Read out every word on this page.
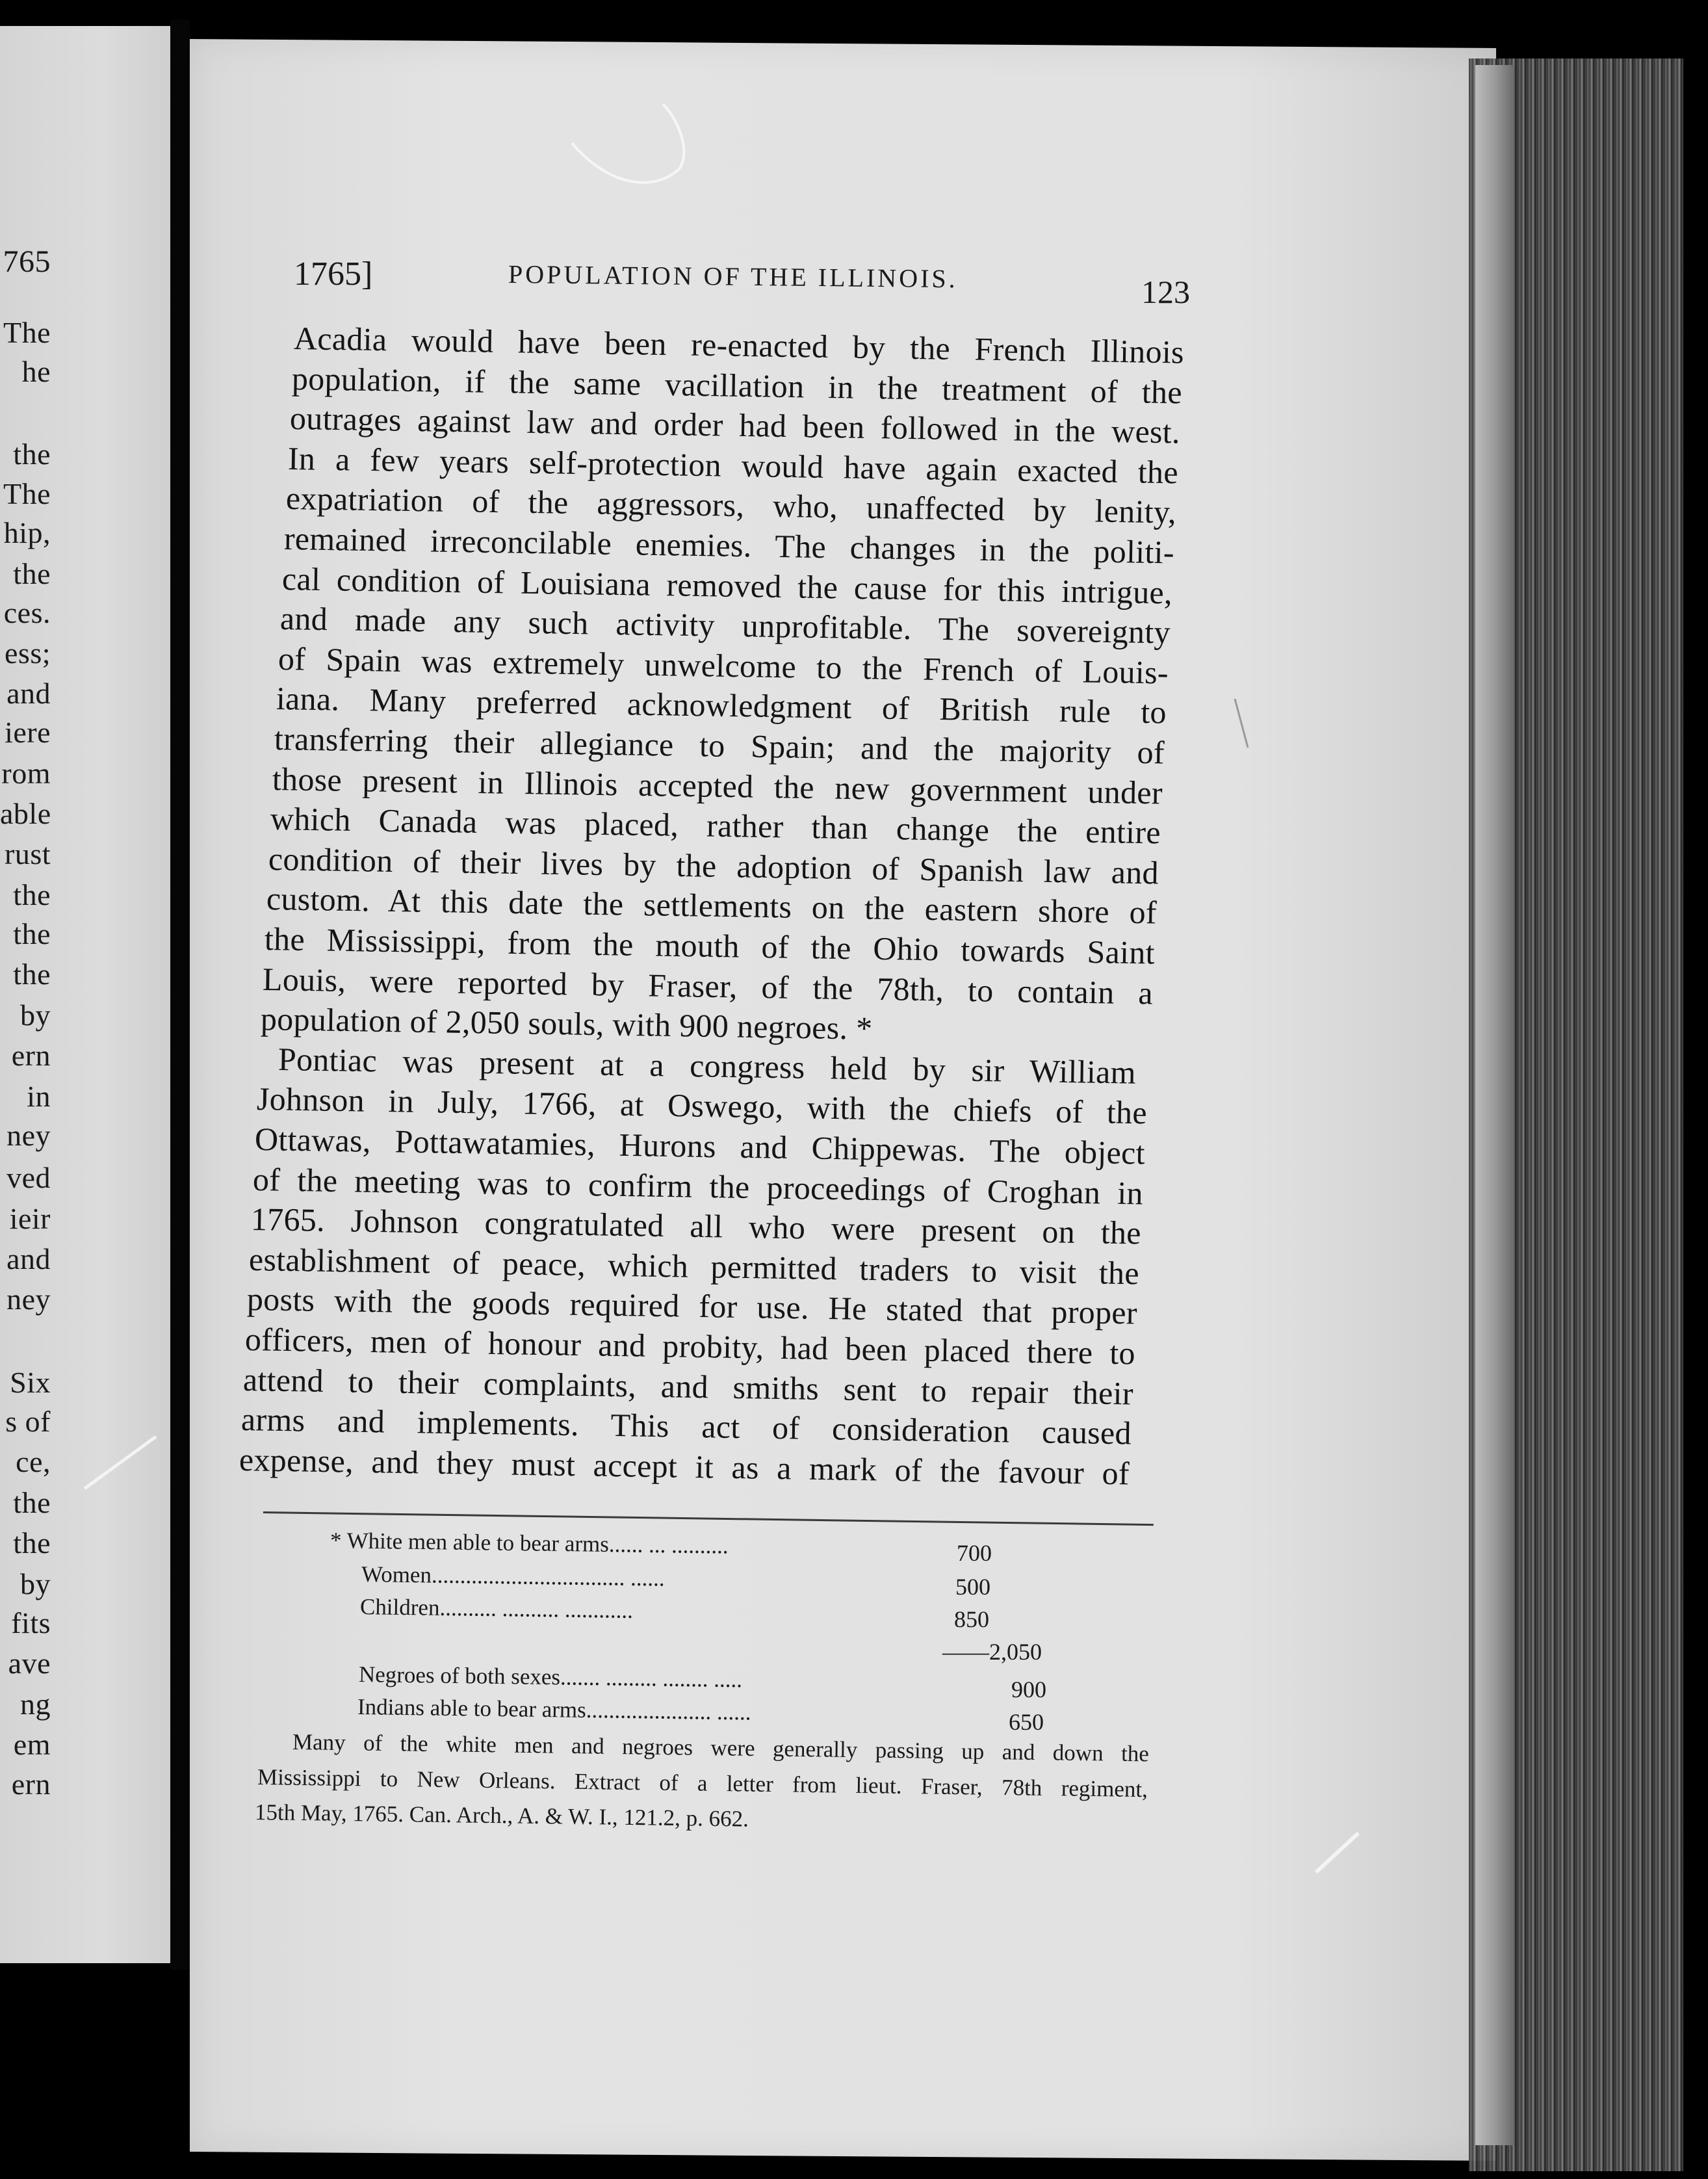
765
The
he
the
The
hip,
the
ces.
ess;
and
iere
rom
able
rust
the
the
the
by
ern
in
ney
ved
ieir
and
ney
Six
s of
ce,
the
the
by
fits
ave
ng
em
ern
1765]	POPULATION OF THE ILLINOIS.	123
Acadia would have been re-enacted by the French Illinois
population, if the same vacillation in the treatment of the
outrages against law and order had been followed in the west.
In a few years self-protection would have again exacted the
expatriation of the aggressors, who, unaffected by lenity,
remained irreconcilable enemies. The changes in the politi-
cal condition of Louisiana removed the cause for this intrigue,
and made any such activity unprofitable. The sovereignty
of Spain was extremely unwelcome to the French of Louis-
iana. Many preferred acknowledgment of British rule to
transferring their allegiance to Spain; and the majority of
those present in Illinois accepted the new government under
which Canada was placed, rather than change the entire
condition of their lives by the adoption of Spanish law and
custom. At this date the settlements on the eastern shore of
the Mississippi, from the mouth of the Ohio towards Saint
Louis, were reported by Fraser, of the 78th, to contain a
population of 2,050 souls, with 900 negroes. *
Pontiac was present at a congress held by sir William
Johnson in July, 1766, at Oswego, with the chiefs of the
Ottawas, Pottawatamies, Hurons and Chippewas. The object
of the meeting was to confirm the proceedings of Croghan in
1765. Johnson congratulated all who were present on the
establishment of peace, which permitted traders to visit the
posts with the goods required for use. He stated that proper
officers, men of honour and probity, had been placed there to
attend to their complaints, and smiths sent to repair their
arms and implements. This act of consideration caused
expense, and they must accept it as a mark of the favour of
* White men able to bear arms...... ... ..........	700
Women.................................. ......	500
Children.......... .......... ............	850
——2,050
Negroes of both sexes....... ......... ........ .....	900
Indians able to bear arms...................... ......	650
Many of the white men and negroes were generally passing up and down the
Mississippi to New Orleans. Extract of a letter from lieut. Fraser, 78th regiment,
15th May, 1765. Can. Arch., A. & W. I., 121.2, p. 662.
